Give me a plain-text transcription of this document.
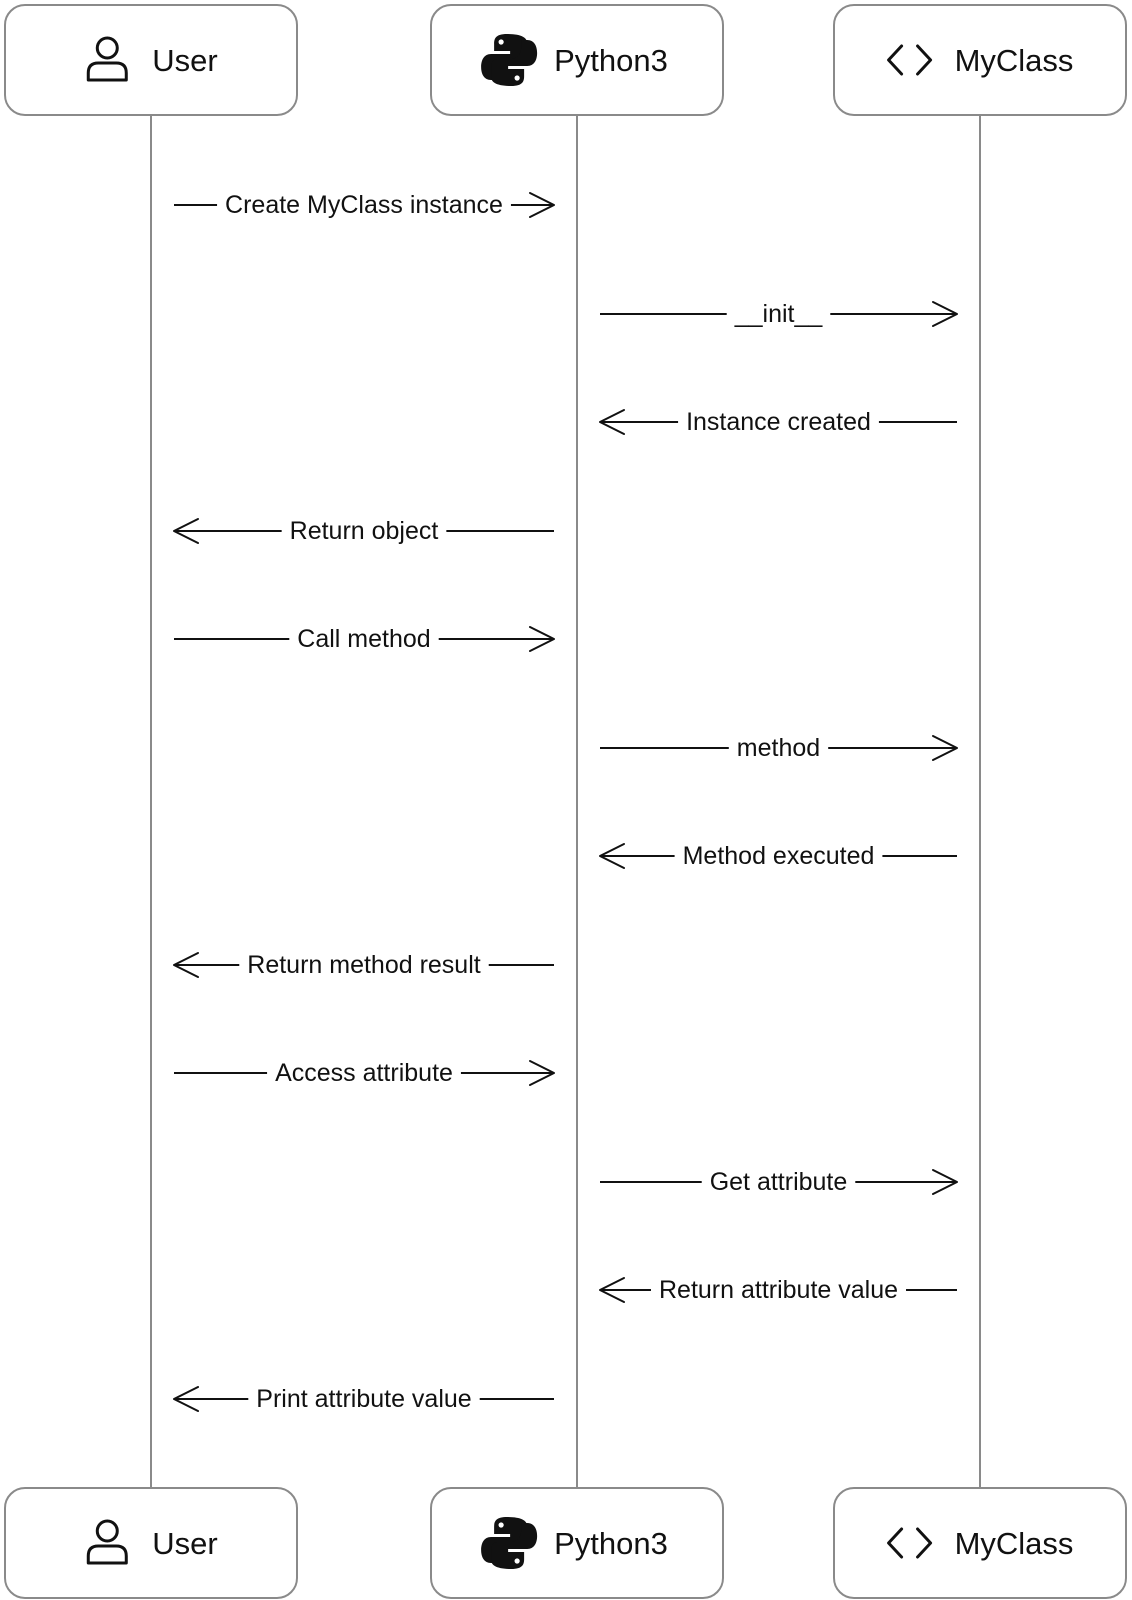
User
User
Python3
Python3
MyClass
MyClass
Create MyClass instance
__init__
Instance created
Return object
Call method
method
Method executed
Return method result
Access attribute
Get attribute
Return attribute value
Print attribute value
